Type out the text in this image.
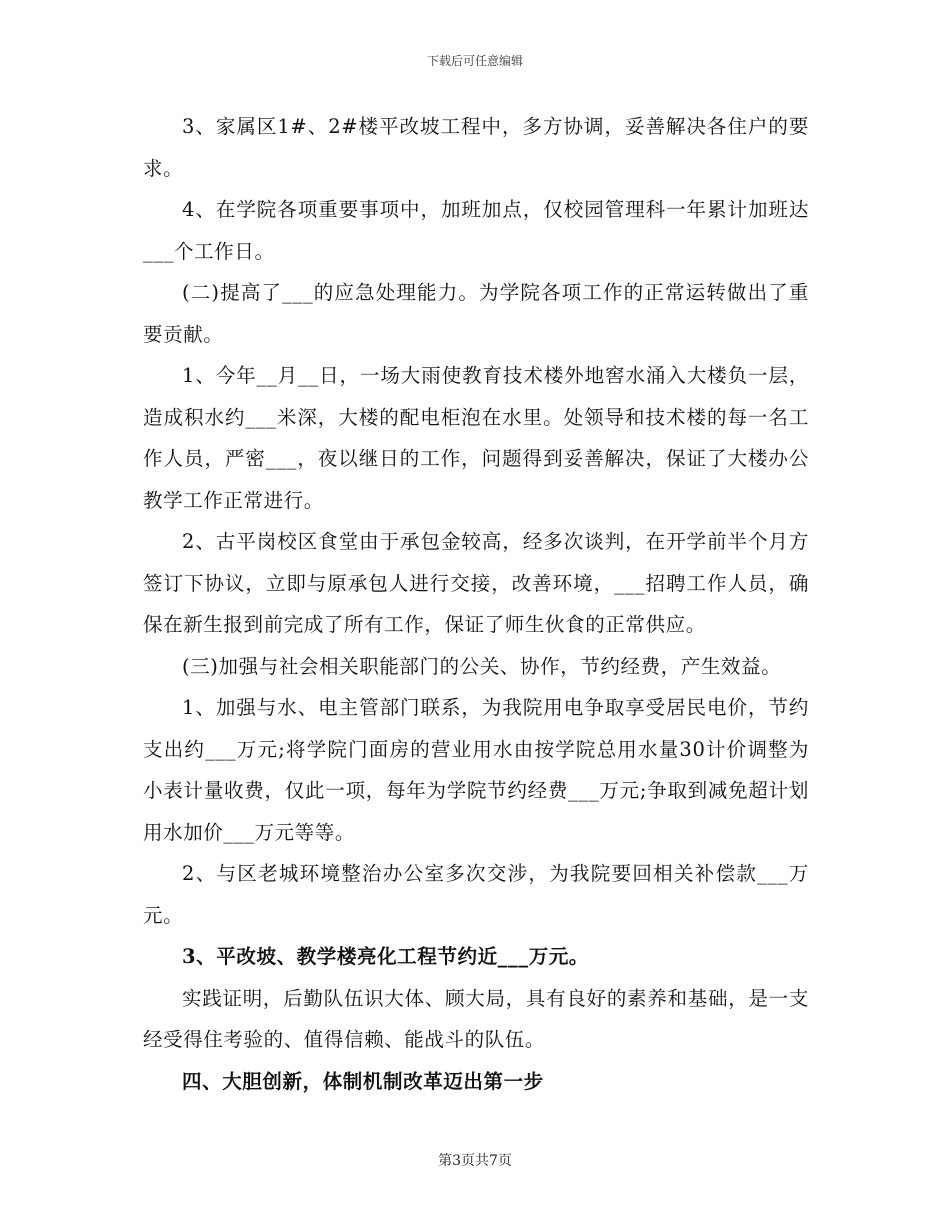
下载后可任意编辑

3、家属区1#、2#楼平改坡工程中，多方协调，妥善解决各住户的要求。

4、在学院各项重要事项中，加班加点，仅校园管理科一年累计加班达___个工作日。

(二)提高了___的应急处理能力。为学院各项工作的正常运转做出了重要贡献。

1、今年__月__日，一场大雨使教育技术楼外地窖水涌入大楼负一层，造成积水约___米深，大楼的配电柜泡在水里。处领导和技术楼的每一名工作人员，严密___，夜以继日的工作，问题得到妥善解决，保证了大楼办公教学工作正常进行。

2、古平岗校区食堂由于承包金较高，经多次谈判，在开学前半个月方签订下协议，立即与原承包人进行交接，改善环境，___招聘工作人员，确保在新生报到前完成了所有工作，保证了师生伙食的正常供应。

(三)加强与社会相关职能部门的公关、协作，节约经费，产生效益。

1、加强与水、电主管部门联系，为我院用电争取享受居民电价，节约支出约___万元;将学院门面房的营业用水由按学院总用水量30计价调整为小表计量收费，仅此一项，每年为学院节约经费___万元;争取到减免超计划用水加价___万元等等。

2、与区老城环境整治办公室多次交涉，为我院要回相关补偿款___万元。

3、平改坡、教学楼亮化工程节约近___万元。

实践证明，后勤队伍识大体、顾大局，具有良好的素养和基础，是一支经受得住考验的、值得信赖、能战斗的队伍。

四、大胆创新，体制机制改革迈出第一步

第3页共7页
